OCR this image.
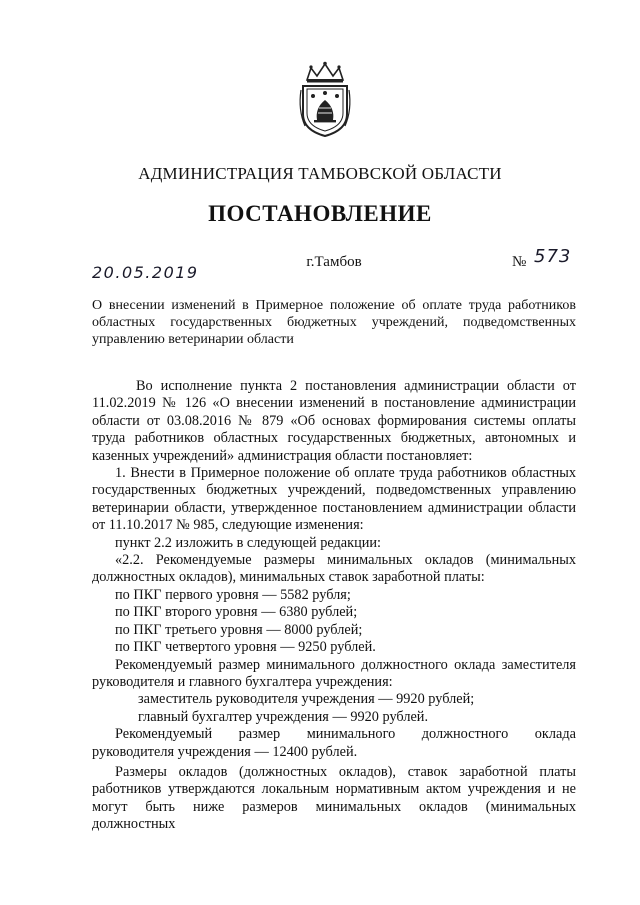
АДМИНИСТРАЦИЯ ТАМБОВСКОЙ ОБЛАСТИ
ПОСТАНОВЛЕНИЕ
20.05.2019
г.Тамбов	№ 573
О внесении изменений в Примерное положение об оплате труда работников областных государственных бюджетных учреждений, подведомственных управлению ветеринарии области

Во исполнение пункта 2 постановления администрации области от 11.02.2019 № 126 «О внесении изменений в постановление администрации области от 03.08.2016 № 879 «Об основах формирования системы оплаты труда работников областных государственных бюджетных, автономных и казенных учреждений» администрация области постановляет:

1. Внести в Примерное положение об оплате труда работников областных государственных бюджетных учреждений, подведомственных управлению ветеринарии области, утвержденное постановлением администрации области от 11.10.2017 № 985, следующие изменения:

пункт 2.2 изложить в следующей редакции:

«2.2. Рекомендуемые размеры минимальных окладов (минимальных должностных окладов), минимальных ставок заработной платы:

по ПКГ первого уровня — 5582 рубля;

по ПКГ второго уровня — 6380 рублей;

по ПКГ третьего уровня — 8000 рублей;

по ПКГ четвертого уровня — 9250 рублей.

Рекомендуемый размер минимального должностного оклада заместителя руководителя и главного бухгалтера учреждения:

заместитель руководителя учреждения — 9920 рублей;

главный бухгалтер учреждения — 9920 рублей.

Рекомендуемый размер минимального должностного оклада

руководителя учреждения — 12400 рублей.

Размеры окладов (должностных окладов), ставок заработной платы работников утверждаются локальным нормативным актом учреждения и не могут быть ниже размеров минимальных окладов (минимальных должностных
